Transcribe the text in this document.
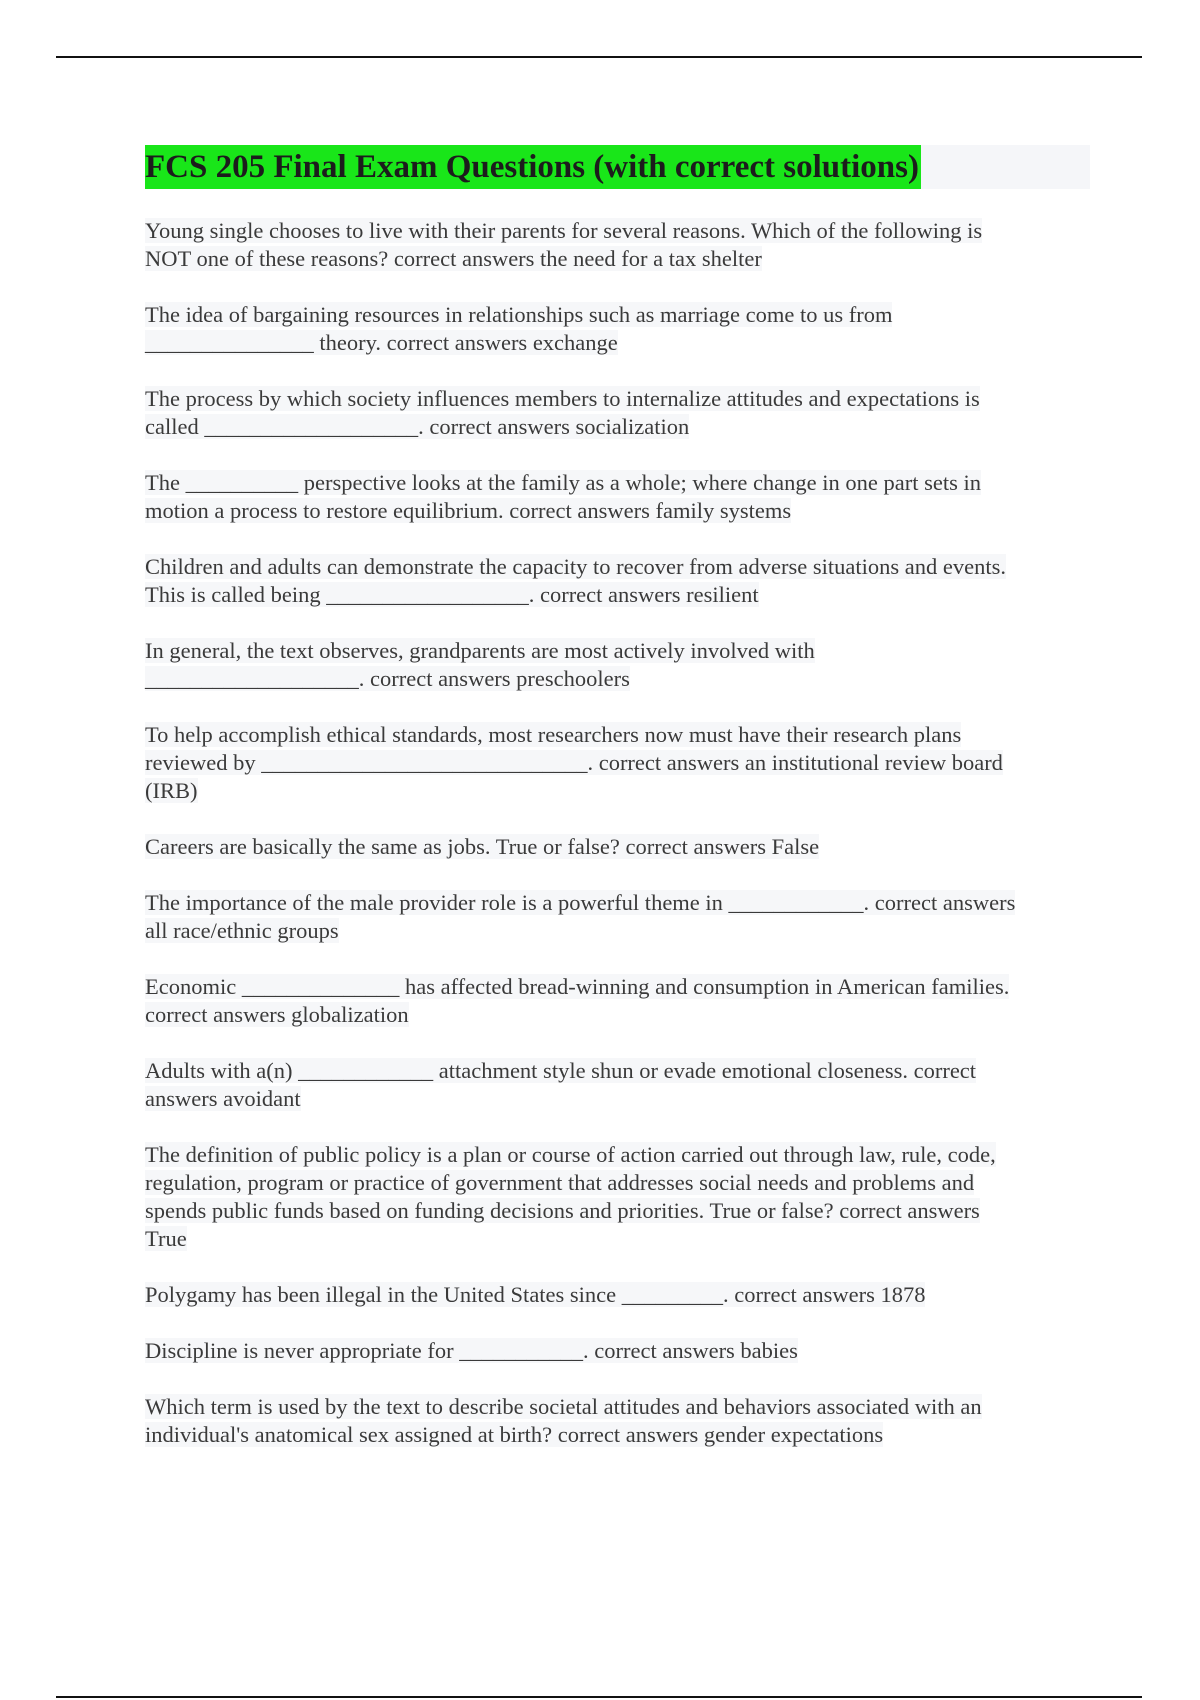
FCS 205 Final Exam Questions (with correct solutions)
Young single chooses to live with their parents for several reasons. Which of the following is
NOT one of these reasons? correct answers the need for a tax shelter
The idea of bargaining resources in relationships such as marriage come to us from
_______________ theory. correct answers exchange
The process by which society influences members to internalize attitudes and expectations is
called ___________________. correct answers socialization
The __________ perspective looks at the family as a whole; where change in one part sets in
motion a process to restore equilibrium. correct answers family systems
Children and adults can demonstrate the capacity to recover from adverse situations and events.
This is called being __________________. correct answers resilient
In general, the text observes, grandparents are most actively involved with
___________________. correct answers preschoolers
To help accomplish ethical standards, most researchers now must have their research plans
reviewed by _____________________________. correct answers an institutional review board
(IRB)
Careers are basically the same as jobs. True or false? correct answers False
The importance of the male provider role is a powerful theme in ____________. correct answers
all race/ethnic groups
Economic ______________ has affected bread-winning and consumption in American families.
correct answers globalization
Adults with a(n) ____________ attachment style shun or evade emotional closeness. correct
answers avoidant
The definition of public policy is a plan or course of action carried out through law, rule, code,
regulation, program or practice of government that addresses social needs and problems and
spends public funds based on funding decisions and priorities. True or false? correct answers
True
Polygamy has been illegal in the United States since _________. correct answers 1878
Discipline is never appropriate for ___________. correct answers babies
Which term is used by the text to describe societal attitudes and behaviors associated with an
individual's anatomical sex assigned at birth? correct answers gender expectations
